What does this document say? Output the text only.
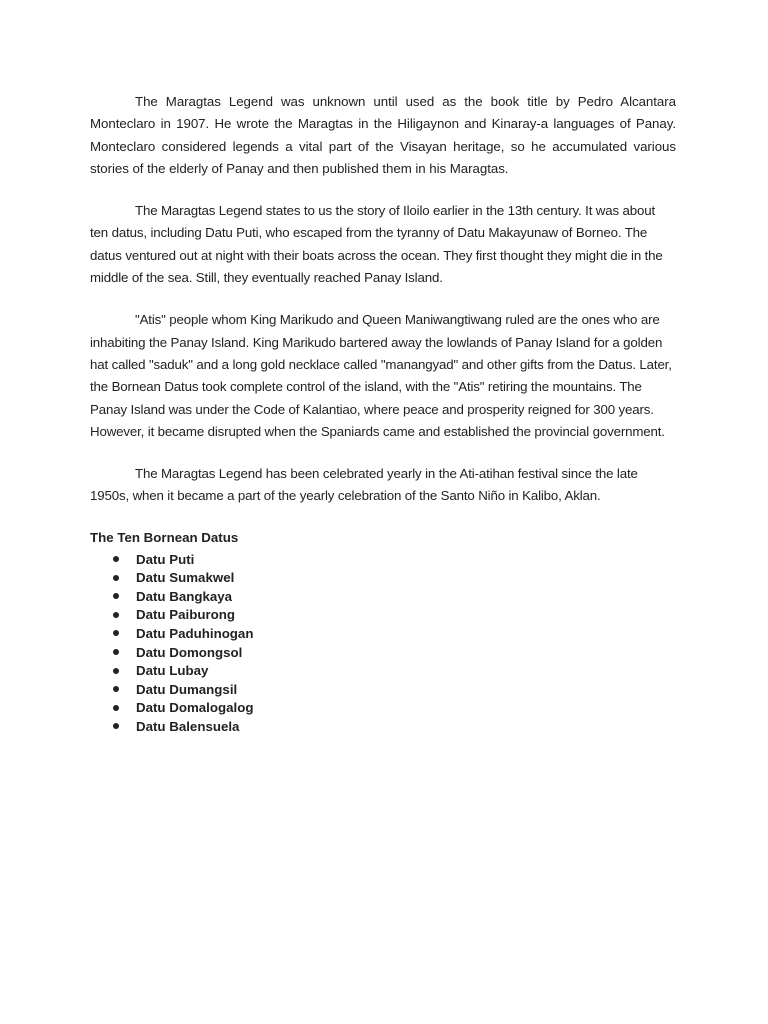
The Maragtas Legend was unknown until used as the book title by Pedro Alcantara Monteclaro in 1907. He wrote the Maragtas in the Hiligaynon and Kinaray-a languages of Panay. Monteclaro considered legends a vital part of the Visayan heritage, so he accumulated various stories of the elderly of Panay and then published them in his Maragtas.

The Maragtas Legend states to us the story of Iloilo earlier in the 13th century. It was about ten datus, including Datu Puti, who escaped from the tyranny of Datu Makayunaw of Borneo. The datus ventured out at night with their boats across the ocean. They first thought they might die in the middle of the sea. Still, they eventually reached Panay Island.

"Atis" people whom King Marikudo and Queen Maniwangtiwang ruled are the ones who are inhabiting the Panay Island. King Marikudo bartered away the lowlands of Panay Island for a golden hat called "saduk" and a long gold necklace called "manangyad" and other gifts from the Datus. Later, the Bornean Datus took complete control of the island, with the "Atis" retiring the mountains. The Panay Island was under the Code of Kalantiao, where peace and prosperity reigned for 300 years. However, it became disrupted when the Spaniards came and established the provincial government.

The Maragtas Legend has been celebrated yearly in the Ati-atihan festival since the late 1950s, when it became a part of the yearly celebration of the Santo Niño in Kalibo, Aklan.

The Ten Bornean Datus
Datu Puti
Datu Sumakwel
Datu Bangkaya
Datu Paiburong
Datu Paduhinogan
Datu Domongsol
Datu Lubay
Datu Dumangsil
Datu Domalogalog
Datu Balensuela
